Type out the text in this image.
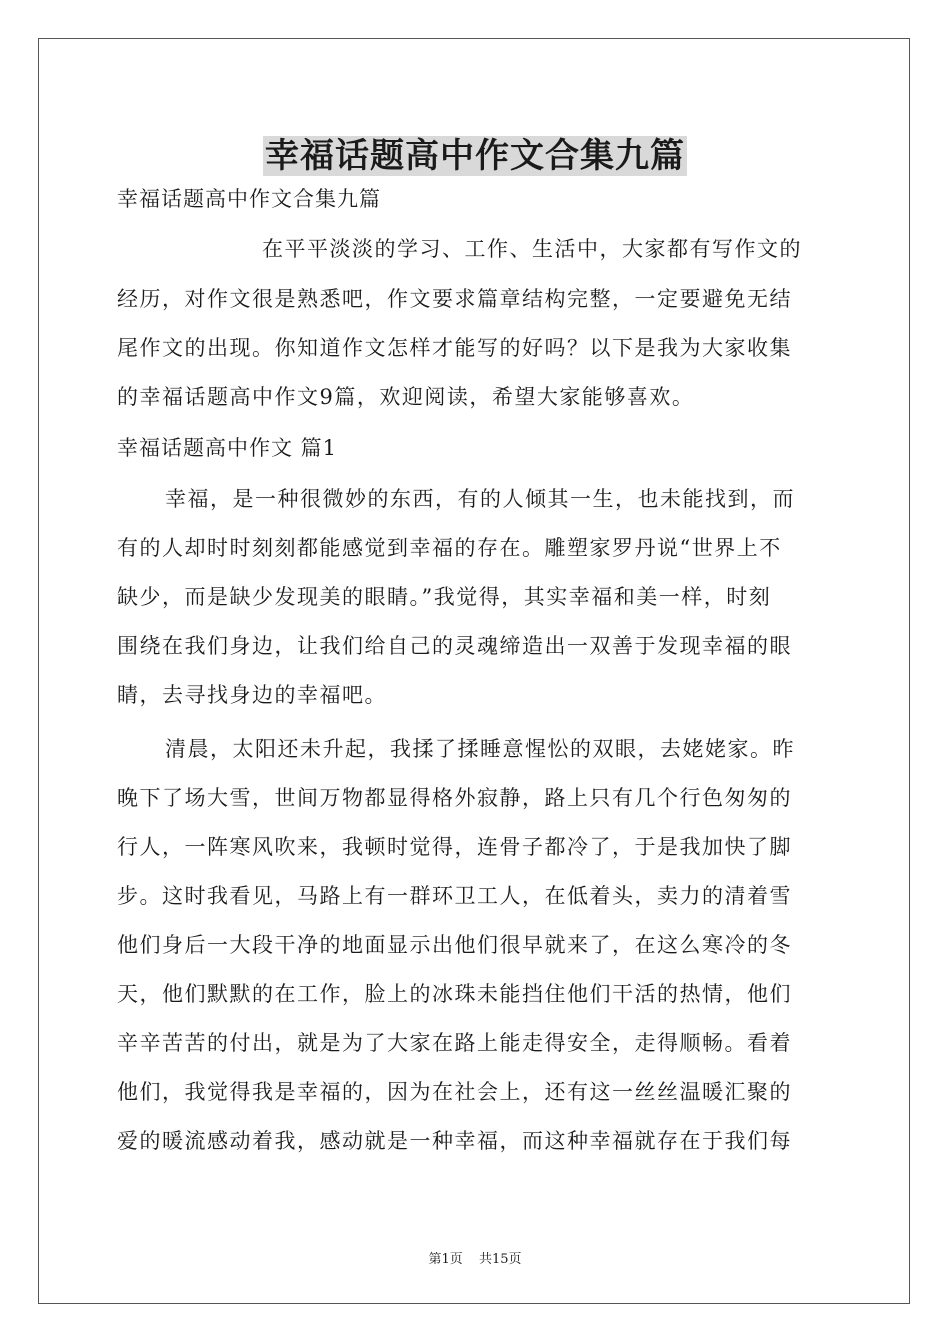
幸福话题高中作文合集九篇
幸福话题高中作文合集九篇
在平平淡淡的学习、工作、生活中，大家都有写作文的
经历，对作文很是熟悉吧，作文要求篇章结构完整，一定要避免无结
尾作文的出现。你知道作文怎样才能写的好吗？以下是我为大家收集
的幸福话题高中作文9篇，欢迎阅读，希望大家能够喜欢。
幸福话题高中作文 篇1
幸福，是一种很微妙的东西，有的人倾其一生，也未能找到，而
有的人却时时刻刻都能感觉到幸福的存在。雕塑家罗丹说“世界上不
缺少，而是缺少发现美的眼睛。”我觉得，其实幸福和美一样，时刻
围绕在我们身边，让我们给自己的灵魂缔造出一双善于发现幸福的眼
睛，去寻找身边的幸福吧。
清晨，太阳还未升起，我揉了揉睡意惺忪的双眼，去姥姥家。昨
晚下了场大雪，世间万物都显得格外寂静，路上只有几个行色匆匆的
行人，一阵寒风吹来，我顿时觉得，连骨子都冷了，于是我加快了脚
步。这时我看见，马路上有一群环卫工人，在低着头，卖力的清着雪
他们身后一大段干净的地面显示出他们很早就来了，在这么寒冷的冬
天，他们默默的在工作，脸上的冰珠未能挡住他们干活的热情，他们
辛辛苦苦的付出，就是为了大家在路上能走得安全，走得顺畅。看着
他们，我觉得我是幸福的，因为在社会上，还有这一丝丝温暖汇聚的
爱的暖流感动着我，感动就是一种幸福，而这种幸福就存在于我们每
第1页 共15页
